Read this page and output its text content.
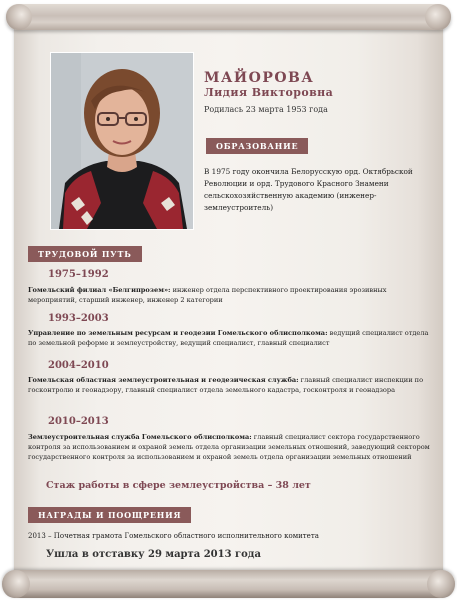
МАЙОРОВА
Лидия Викторовна

Родилась 23 марта 1953 года

ОБРАЗОВАНИЕ

В 1975 году окончила Белорусскую орд. Октябрьской Революции и орд. Трудового Красного Знамени сельскохозяйственную академию (инженер-землеустроитель)

ТРУДОВОЙ ПУТЬ

1975–1992

Гомельский филиал «Белгипрозем»: инженер отдела перспективного проектирования эрозивных мероприятий, старший инженер, инженер 2 категории

1993–2003

Управление по земельным ресурсам и геодезии Гомельского облисполкома: ведущий специалист отдела по земельной реформе и землеустройству, ведущий специалист, главный специалист

2004–2010

Гомельская областная землеустроительная и геодезическая служба: главный специалист инспекции по госконтролю и геонадзору, главный специалист отдела земельного кадастра, госконтроля и геонадзора

2010–2013

Землеустроительная служба Гомельского облисполкома: главный специалист сектора государственного контроля за использованием и охраной земель отдела организации земельных отношений, заведующий сектором государственного контроля за использованием и охраной земель отдела организации земельных отношений

Стаж работы в сфере землеустройства – 38 лет

НАГРАДЫ И ПООЩРЕНИЯ

2013 – Почетная грамота Гомельского областного исполнительного комитета

Ушла в отставку 29 марта 2013 года
